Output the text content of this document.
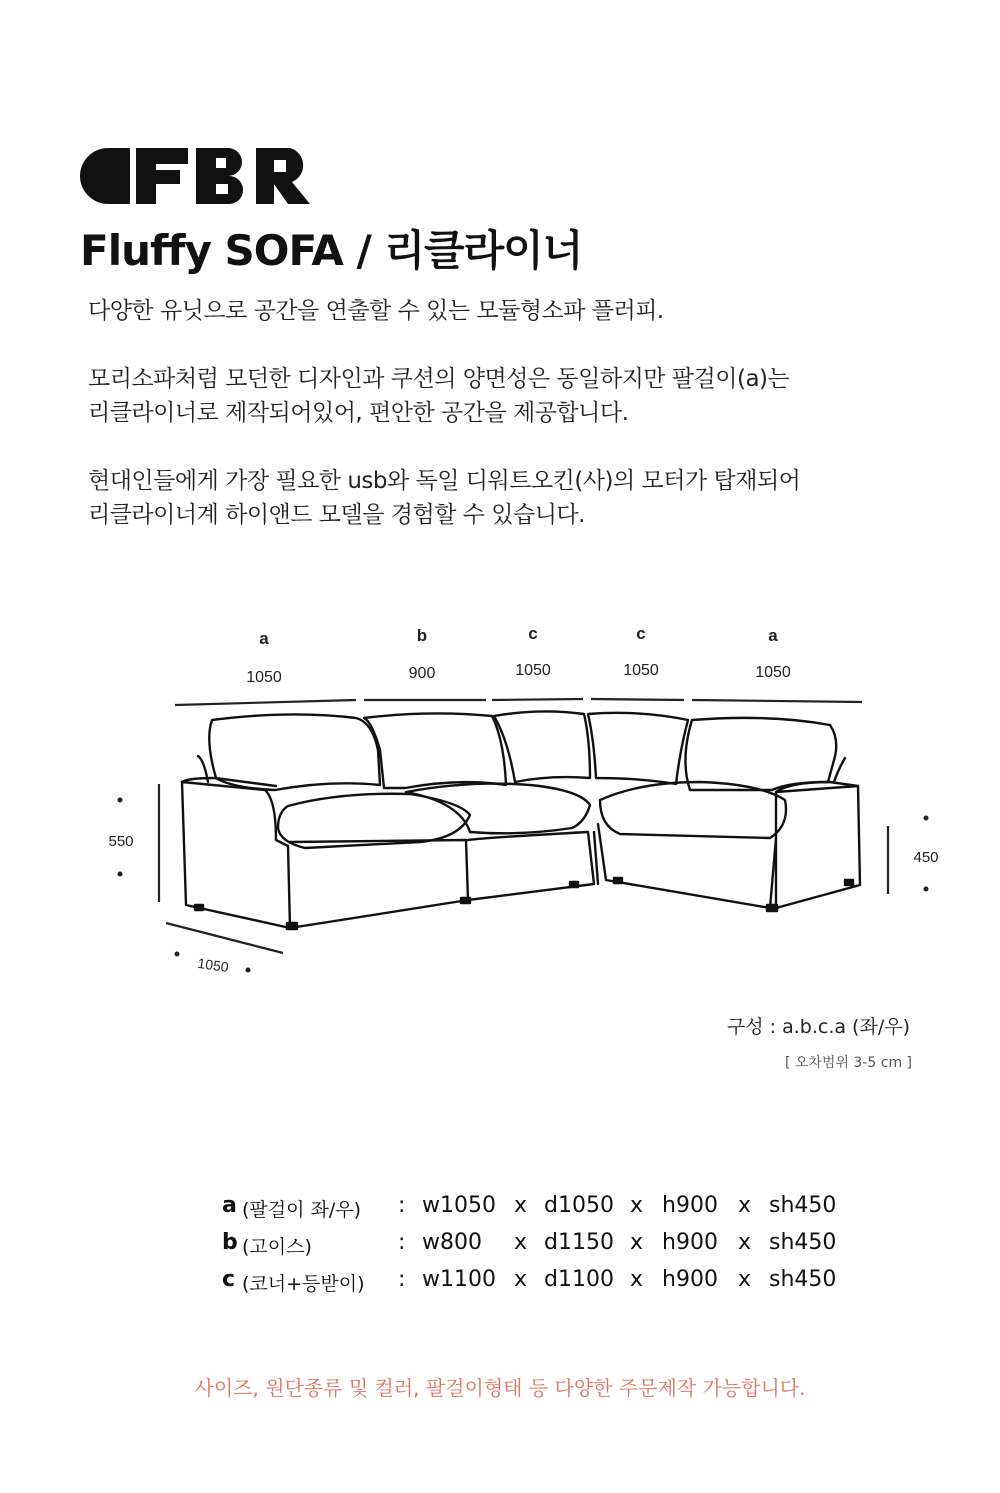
Fluffy SOFA / 리클라이너

다양한 유닛으로 공간을 연출할 수 있는 모듈형소파 플러피.

모리소파처럼 모던한 디자인과 쿠션의 양면성은 동일하지만 팔걸이(a)는
리클라이너로 제작되어있어, 편안한 공간을 제공합니다.

현대인들에게 가장 필요한 usb와 독일 디워트오킨(사)의 모터가 탑재되어
리클라이너계 하이앤드 모델을 경험할 수 있습니다.

a	b	c	c	a
1050	900	1050	1050	1050
550
450
1050
구성 : a.b.c.a (좌/우)
[ 오차범위 3-5 cm ]
a (팔걸이 좌/우) : w1050 x d1050 x h900 x sh450
b (고이스)	: w800 x d1150 x h900 x sh450
c (코너+등받이) : w1100 x d1100 x h900 x sh450
사이즈, 원단종류 및 컬러, 팔걸이형태 등 다양한 주문제작 가능합니다.
